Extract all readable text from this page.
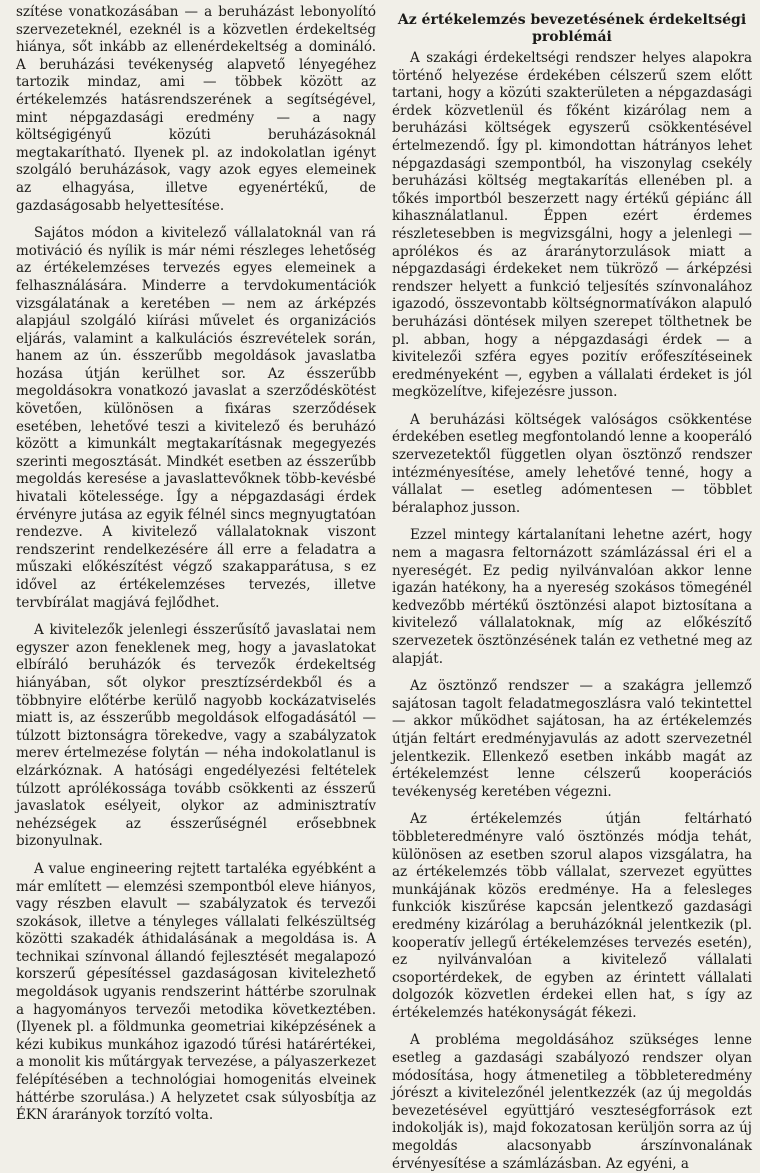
szítése vonatkozásában — a beruházást lebonyolító szervezeteknél, ezeknél is a közvetlen érdekeltség hiánya, sőt inkább az ellenérdekeltség a domináló. A beruházási tevékenység alapvető lényegéhez tartozik mindaz, ami — többek között az értékelemzés hatásrendszerének a segítségével, mint népgazdasági eredmény — a nagy költségigényű közúti beruházásoknál megtakarítható. Ilyenek pl. az indokolatlan igényt szolgáló beruházások, vagy azok egyes elemeinek az elhagyása, illetve egyenértékű, de gazdaságosabb helyettesítése.

Sajátos módon a kivitelező vállalatoknál van rá motiváció és nyílik is már némi részleges lehetőség az értékelemzéses tervezés egyes elemeinek a felhasználására. Minderre a tervdokumentációk vizsgálatának a keretében — nem az árképzés alapjául szolgáló kiírási művelet és organizációs eljárás, valamint a kalkulációs észrevételek során, hanem az ún. ésszerűbb megoldások javaslatba hozása útján kerülhet sor. Az ésszerűbb megoldásokra vonatkozó javaslat a szerződéskötést követően, különösen a fixáras szerződések esetében, lehetővé teszi a kivitelező és beruházó között a kimunkált megtakarításnak megegyezés szerinti megosztását. Mindkét esetben az ésszerűbb megoldás keresése a javaslattevőknek több-kevésbé hivatali kötelessége. Így a népgazdasági érdek érvényre jutása az egyik félnél sincs megnyugtatóan rendezve. A kivitelező vállalatoknak viszont rendszerint rendelkezésére áll erre a feladatra a műszaki előkészítést végző szakapparátusa, s ez idővel az értékelemzéses tervezés, illetve tervbírálat magjává fejlődhet.

A kivitelezők jelenlegi ésszerűsítő javaslatai nem egyszer azon feneklenek meg, hogy a javaslatokat elbíráló beruházók és tervezők érdekeltség hiányában, sőt olykor presztízsérdekből és a többnyire előtérbe kerülő nagyobb kockázatviselés miatt is, az ésszerűbb megoldások elfogadásától — túlzott biztonságra törekedve, vagy a szabályzatok merev értelmezése folytán — néha indokolatlanul is elzárkóznak. A hatósági engedélyezési feltételek túlzott aprólékossága tovább csökkenti az ésszerű javaslatok esélyeit, olykor az adminisztratív nehézségek az ésszerűségnél erősebbnek bizonyulnak.

A value engineering rejtett tartaléka egyébként a már említett — elemzési szempontból eleve hiányos, vagy részben elavult — szabályzatok és tervezői szokások, illetve a tényleges vállalati felkészültség közötti szakadék áthidalásának a megoldása is. A technikai színvonal állandó fejlesztését megalapozó korszerű gépesítéssel gazdaságosan kivitelezhető megoldások ugyanis rendszerint háttérbe szorulnak a hagyományos tervezői metodika következtében. (Ilyenek pl. a földmunka geometriai kiképzésének a kézi kubikus munkához igazodó tűrési határértékei, a monolit kis műtárgyak tervezése, a pályaszerkezet felépítésében a technológiai homogenitás elveinek háttérbe szorulása.) A helyzetet csak súlyosbítja az ÉKN árarányok torzító volta.

Az értékelemzés bevezetésének érdekeltségi problémái

A szakági érdekeltségi rendszer helyes alapokra történő helyezése érdekében célszerű szem előtt tartani, hogy a közúti szakterületen a népgazdasági érdek közvetlenül és főként kizárólag nem a beruházási költségek egyszerű csökkentésével értelmezendő. Így pl. kimondottan hátrányos lehet népgazdasági szempontból, ha viszonylag csekély beruházási költség megtakarítás ellenében pl. a tőkés importból beszerzett nagy értékű gépiánc áll kihasználatlanul. Éppen ezért érdemes részletesebben is megvizsgálni, hogy a jelenlegi — aprólékos és az áraránytorzulások miatt a népgazdasági érdekeket nem tükröző — árképzési rendszer helyett a funkció teljesítés színvonalához igazodó, összevontabb költségnormatívákon alapuló beruházási döntések milyen szerepet tölthetnek be pl. abban, hogy a népgazdasági érdek — a kivitelezői szféra egyes pozitív erőfeszítéseinek eredményeként —, egyben a vállalati érdeket is jól megközelítve, kifejezésre jusson.

A beruházási költségek valóságos csökkentése érdekében esetleg megfontolandó lenne a kooperáló szervezetektől független olyan ösztönző rendszer intézményesítése, amely lehetővé tenné, hogy a vállalat — esetleg adómentesen — többlet béralaphoz jusson.

Ezzel mintegy kártalanítani lehetne azért, hogy nem a magasra feltornázott számlázással éri el a nyereségét. Ez pedig nyilvánvalóan akkor lenne igazán hatékony, ha a nyereség szokásos tömegénél kedvezőbb mértékű ösztönzési alapot biztosítana a kivitelező vállalatoknak, míg az előkészítő szervezetek ösztönzésének talán ez vethetné meg az alapját.

Az ösztönző rendszer — a szakágra jellemző sajátosan tagolt feladatmegoszlásra való tekintettel — akkor működhet sajátosan, ha az értékelemzés útján feltárt eredményjavulás az adott szervezetnél jelentkezik. Ellenkező esetben inkább magát az értékelemzést lenne célszerű kooperációs tevékenység keretében végezni.

Az értékelemzés útján feltárható többleteredményre való ösztönzés módja tehát, különösen az esetben szorul alapos vizsgálatra, ha az értékelemzés több vállalat, szervezet együttes munkájának közös eredménye. Ha a felesleges funkciók kiszűrése kapcsán jelentkező gazdasági eredmény kizárólag a beruházóknál jelentkezik (pl. kooperatív jellegű értékelemzéses tervezés esetén), ez nyilvánvalóan a kivitelező vállalati csoportérdekek, de egyben az érintett vállalati dolgozók közvetlen érdekei ellen hat, s így az értékelemzés hatékonyságát fékezi.

A probléma megoldásához szükséges lenne esetleg a gazdasági szabályozó rendszer olyan módosítása, hogy átmenetileg a többleteredmény jórészt a kivitelezőnél jelentkezzék (az új megoldás bevezetésével együttjáró veszteségforrások ezt indokolják is), majd fokozatosan kerüljön sorra az új megoldás alacsonyabb árszínvonalának érvényesítése a számlázásban. Az egyéni, a
